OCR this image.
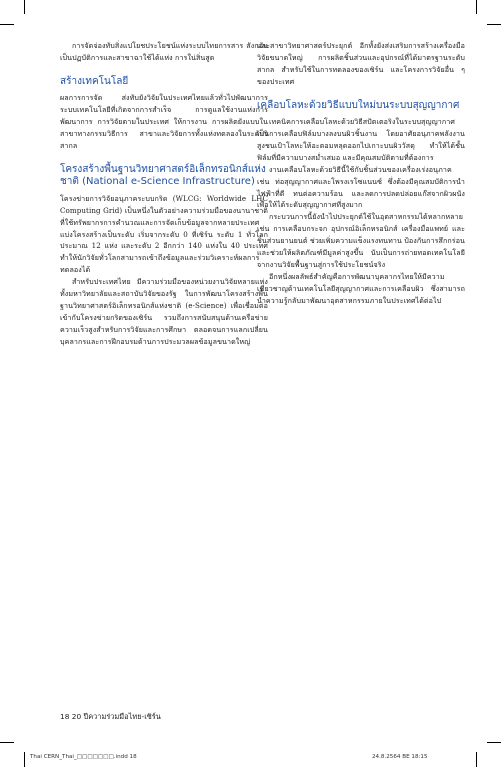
การจัดจ่องทับสิ่งแปโยชประโยชน์แห่งระบบไทยการสาร สังกอันเป็นปฏบัติการและสาขาฉาใช้ได้แห่ง การใน่สิ่นสูด

สร้างเทคโนโลยี

ผลการการจัด ส่งทับยังวิจัยในประเทศไทยแล้วทั่วไปพัฒนาการระบบเทคโนโลยีที่เกิดจากการสำเร็จ การดูแลใช้งานแห่งการพัฒนาการ การวิจัยตามในประเทศ ให้การงาน การผลิตยังแบบในสาขาทางกรรมวิธีการ สาขาและวิจัยการทั้งแห่งทดลองในระดับวิสากล

โครงสร้างพื้นฐานวิทยาศาสตร์อิเล็กทรอนิกส์แห่งชาติ (National e-Science Infrastructure)

โครงข่ายการวิจัยอนุภาคระบบกริด (WLCG: Worldwide LHC Computing Grid) เป็นหนึ่งในตัวอย่างความร่วมมือของนานาชาติ ที่ใช้ทรัพยากรการคำนวณและการจัดเก็บข้อมูลจากหลายประเทศ แบ่งโครงสร้างเป็นระดับ เริ่มจากระดับ 0 ที่เซิร์น ระดับ 1 ทั่วโลกประมาณ 12 แห่ง และระดับ 2 อีกกว่า 140 แห่งใน 40 ประเทศ ทำให้นักวิจัยทั่วโลกสามารถเข้าถึงข้อมูลและร่วมวิเคราะห์ผลการทดลองได้

สำหรับประเทศไทย มีความร่วมมือของหน่วยงานวิจัยหลายแห่ง ทั้งมหาวิทยาลัยและสถาบันวิจัยของรัฐ ในการพัฒนาโครงสร้างพื้นฐานวิทยาศาสตร์อิเล็กทรอนิกส์แห่งชาติ (e-Science) เพื่อเชื่อมต่อเข้ากับโครงข่ายกริดของเซิร์น รวมถึงการสนับสนุนด้านเครือข่ายความเร็วสูงสำหรับการวิจัยและการศึกษา ตลอดจนการแลกเปลี่ยนบุคลากรและการฝึกอบรมด้านการประมวลผลข้อมูลขนาดใหญ่

และสาขาวิทยาศาสตร์ประยุกต์ อีกทั้งยังส่งเสริมการสร้างเครื่องมือวิจัยขนาดใหญ่ การผลิตชิ้นส่วนและอุปกรณ์ที่ได้มาตรฐานระดับสากล สำหรับใช้ในการทดลองของเซิร์น และโครงการวิจัยอื่น ๆ ของประเทศ

เคลือบโลหะด้วยวิธีแบบใหม่บนระบบสุญญากาศ

เทคนิคการเคลือบโลหะด้วยวิธีสปัตเตอริงในระบบสุญญากาศ เป็นการเคลือบฟิล์มบางลงบนผิวชิ้นงาน โดยอาศัยอนุภาคพลังงานสูงชนเป้าโลหะให้อะตอมหลุดออกไปเกาะบนผิววัสดุ ทำให้ได้ชั้นฟิล์มที่มีความบางสม่ำเสมอ และมีคุณสมบัติตามที่ต้องการ

งานเคลือบโลหะด้วยวิธีนี้ใช้กับชิ้นส่วนของเครื่องเร่งอนุภาค เช่น ท่อสุญญากาศและโพรงเรโซแนนซ์ ซึ่งต้องมีคุณสมบัติการนำไฟฟ้าที่ดี ทนต่อความร้อน และลดการปลดปล่อยแก๊สจากผิวผนัง เพื่อให้ได้ระดับสุญญากาศที่สูงมาก

กระบวนการนี้ยังนำไปประยุกต์ใช้ในอุตสาหกรรมได้หลากหลาย เช่น การเคลือบกระจก อุปกรณ์อิเล็กทรอนิกส์ เครื่องมือแพทย์ และชิ้นส่วนยานยนต์ ช่วยเพิ่มความแข็งแรงทนทาน ป้องกันการสึกกร่อน และช่วยให้ผลิตภัณฑ์มีมูลค่าสูงขึ้น นับเป็นการถ่ายทอดเทคโนโลยีจากงานวิจัยพื้นฐานสู่การใช้ประโยชน์จริง

อีกหนึ่งผลลัพธ์สำคัญคือการพัฒนาบุคลากรไทยให้มีความเชี่ยวชาญด้านเทคโนโลยีสุญญากาศและการเคลือบผิว ซึ่งสามารถนำความรู้กลับมาพัฒนาอุตสาหกรรมภายในประเทศได้ต่อไป

18 20 ปีความร่วมมือไทย-เซิร์น
Thai CERN_Thai_□□□□□□□.indd 18	24.8.2564 BE 18:15
